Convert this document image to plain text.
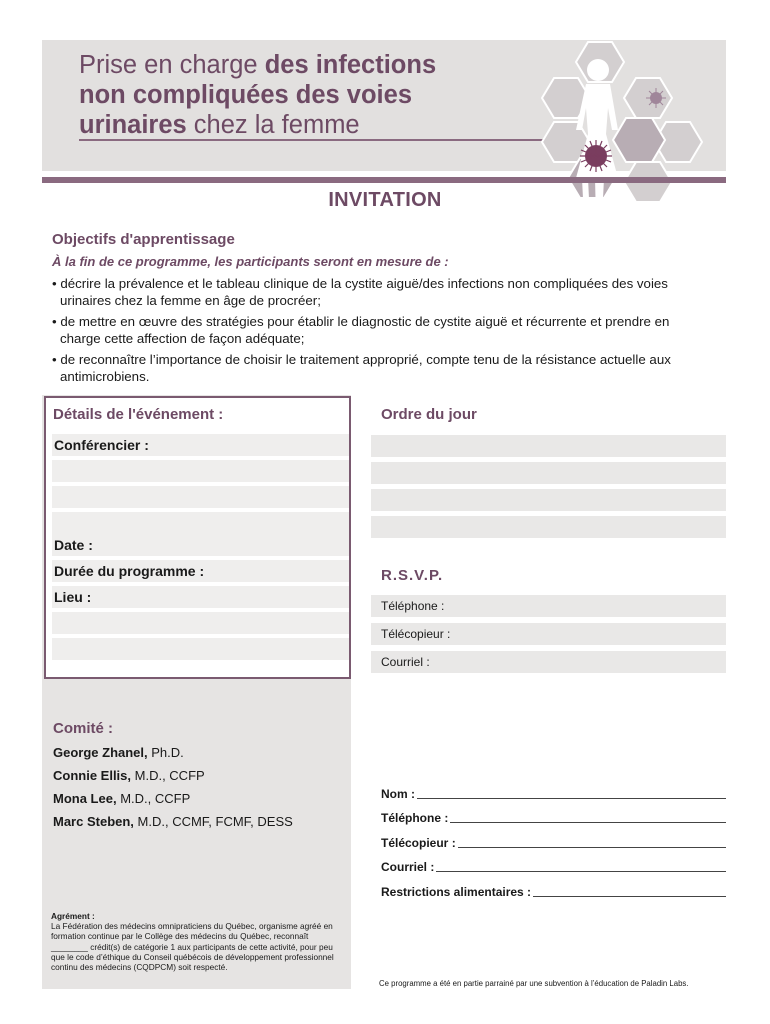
Prise en charge des infections
non compliquées des voies
urinaires chez la femme
INVITATION
Objectifs d'apprentissage
À la fin de ce programme, les participants seront en mesure de :
• décrire la prévalence et le tableau clinique de la cystite aiguë/des infections non compliquées des voies urinaires chez la femme en âge de procréer;
• de mettre en œuvre des stratégies pour établir le diagnostic de cystite aiguë et récurrente et prendre en charge cette affection de façon adéquate;
• de reconnaître l’importance de choisir le traitement approprié, compte tenu de la résistance actuelle aux antimicrobiens.
Détails de l'événement :
Conférencier :
Date :
Durée du programme :
Lieu :
Comité :
George Zhanel, Ph.D.
Connie Ellis, M.D., CCFP
Mona Lee, M.D., CCFP
Marc Steben, M.D., CCMF, FCMF, DESS
Agrément :
La Fédération des médecins omnipraticiens du Québec, organisme agréé en formation continue par le Collège des médecins du Québec, reconnaît ________ crédit(s) de catégorie 1 aux participants de cette activité, pour peu que le code d’éthique du Conseil québécois de développement professionnel continu des médecins (CQDPCM) soit respecté.
Ordre du jour
R.S.V.P.
Téléphone :
Télécopieur :
Courriel :
Nom :
Téléphone :
Télécopieur :
Courriel :
Restrictions alimentaires :
Ce programme a été en partie parrainé par une subvention à l’éducation de Paladin Labs.
